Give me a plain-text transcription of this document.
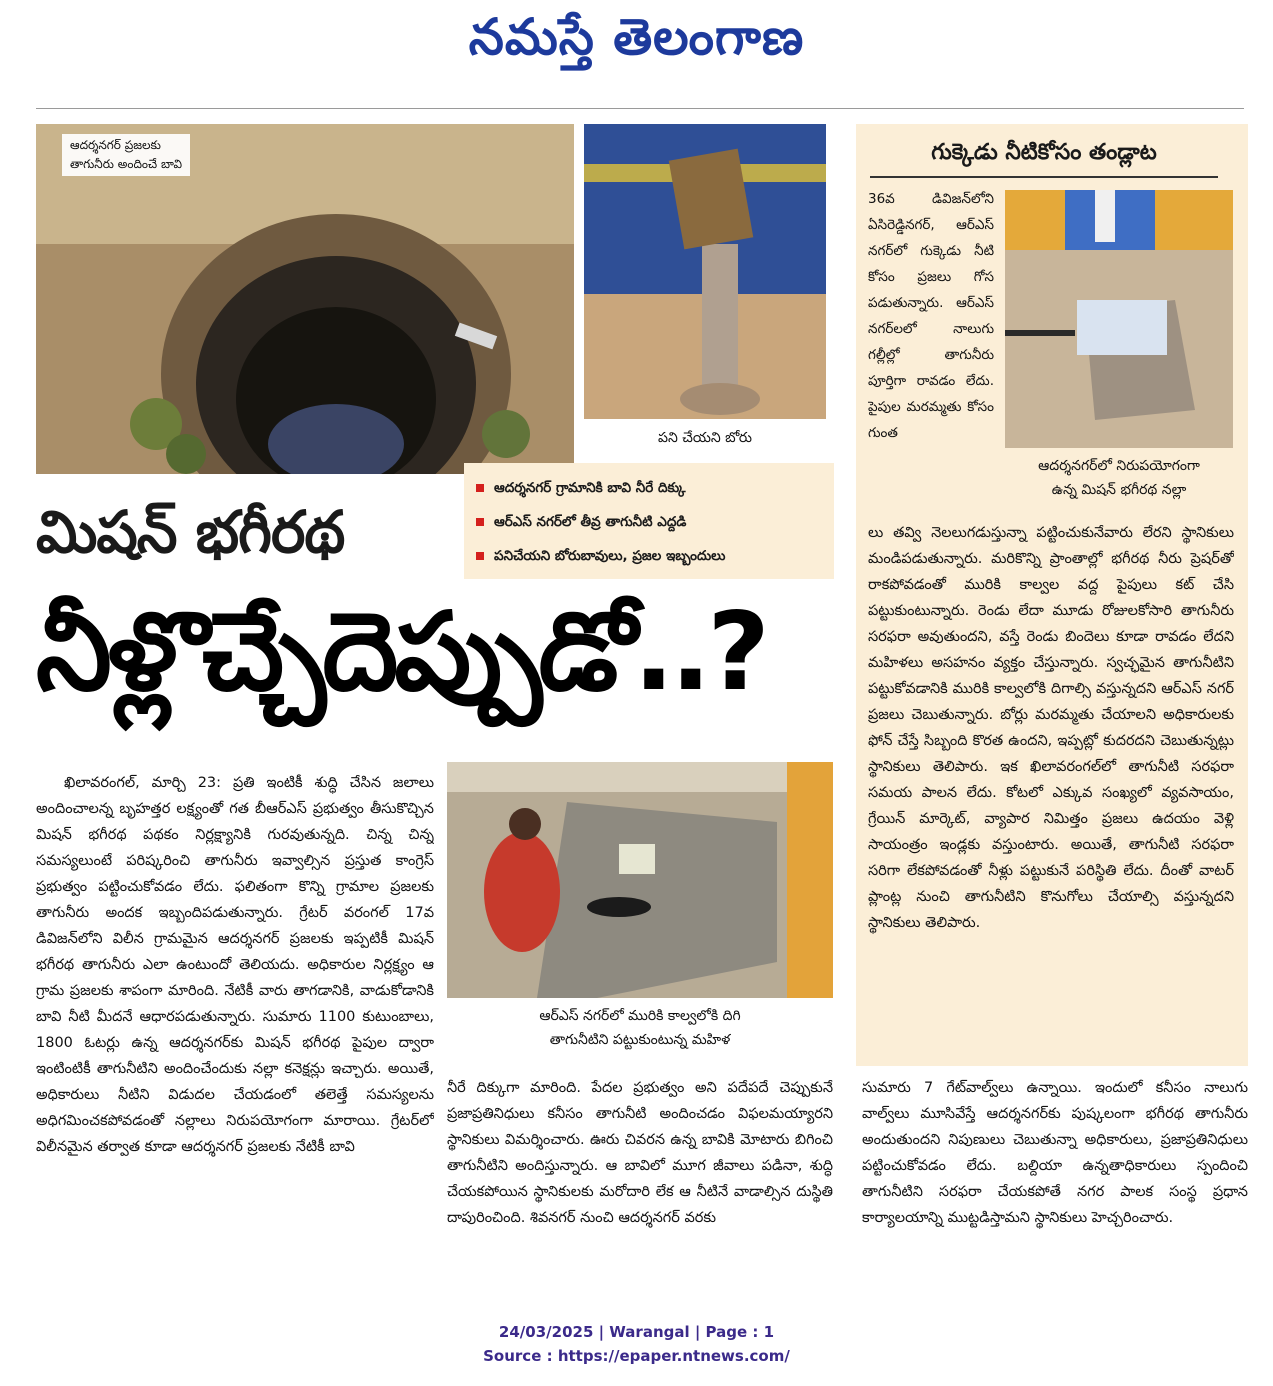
నమస్తే తెలంగాణ
ఆదర్శనగర్ ప్రజలకు
తాగునీరు అందించే బావి
పని చేయని బోరు
ఆదర్శనగర్ గ్రామానికి బావి నీరే దిక్కు
ఆర్ఎస్ నగర్‌లో తీవ్ర తాగునీటి ఎద్దడి
పనిచేయని బోరుబావులు, ప్రజల ఇబ్బందులు
మిషన్ భగీరథ
నీళ్లొచ్చేదెప్పుడో..?
ఆర్ఎస్ నగర్‌లో మురికి కాల్వలోకి దిగి
తాగునీటిని పట్టుకుంటున్న మహిళ
ఖిలావరంగల్, మార్చి 23: ప్రతి ఇంటికీ శుద్ధి చేసిన జలాలు అందించాలన్న బృహత్తర లక్ష్యంతో గత బీఆర్ఎస్ ప్రభుత్వం తీసుకొచ్చిన మిషన్ భగీరథ పథకం నిర్లక్ష్యానికి గురవుతున్నది. చిన్న చిన్న సమస్యలుంటే పరిష్కరించి తాగునీరు ఇవ్వాల్సిన ప్రస్తుత కాంగ్రెస్ ప్రభుత్వం పట్టించుకోవడం లేదు. ఫలితంగా కొన్ని గ్రామాల ప్రజలకు తాగునీరు అందక ఇబ్బందిపడుతున్నారు. గ్రేటర్ వరంగల్ 17వ డివిజన్‌లోని విలీన గ్రామమైన ఆదర్శనగర్ ప్రజలకు ఇప్పటికీ మిషన్ భగీరథ తాగునీరు ఎలా ఉంటుందో తెలియదు. అధికారుల నిర్లక్ష్యం ఆ గ్రామ ప్రజలకు శాపంగా మారింది. నేటికీ వారు తాగడానికి, వాడుకోడానికి బావి నీటి మీదనే ఆధారపడుతున్నారు. సుమారు 1100 కుటుంబాలు, 1800 ఓటర్లు ఉన్న ఆదర్శనగర్‌కు మిషన్ భగీరథ పైపుల ద్వారా ఇంటింటికీ తాగునీటిని అందించేందుకు నల్లా కనెక్షన్లు ఇచ్చారు. అయితే, అధికారులు నీటిని విడుదల చేయడంలో తలెత్తే సమస్యలను అధిగమించకపోవడంతో నల్లాలు నిరుపయోగంగా మారాయి. గ్రేటర్‌లో విలీనమైన తర్వాత కూడా ఆదర్శనగర్ ప్రజలకు నేటికీ బావి
నీరే దిక్కుగా మారింది. పేదల ప్రభుత్వం అని పదేపదే చెప్పుకునే ప్రజాప్రతినిధులు కనీసం తాగునీటి అందించడం విఫలమయ్యారని స్థానికులు విమర్శించారు. ఊరు చివరన ఉన్న బావికి మోటారు బిగించి తాగునీటిని అందిస్తున్నారు. ఆ బావిలో మూగ జీవాలు పడినా, శుద్ధి చేయకపోయిన స్థానికులకు మరోదారి లేక ఆ నీటినే వాడాల్సిన దుస్థితి దాపురించింది. శివనగర్ నుంచి ఆదర్శనగర్ వరకు
సుమారు 7 గేట్‌వాల్వ్‌లు ఉన్నాయి. ఇందులో కనీసం నాలుగు వాల్వ్‌లు మూసివేస్తే ఆదర్శనగర్‌కు పుష్కలంగా భగీరథ తాగునీరు అందుతుందని నిపుణులు చెబుతున్నా అధికారులు, ప్రజాప్రతినిధులు పట్టించుకోవడం లేదు. బల్దియా ఉన్నతాధికారులు స్పందించి తాగునీటిని సరఫరా చేయకపోతే నగర పాలక సంస్థ ప్రధాన కార్యాలయాన్ని ముట్టడిస్తామని స్థానికులు హెచ్చరించారు.
గుక్కెడు నీటికోసం తండ్లాట
ఆదర్శనగర్‌లో నిరుపయోగంగా
ఉన్న మిషన్ భగీరథ నల్లా
36వ డివిజన్‌లోని ఏసిరెడ్డినగర్, ఆర్ఎస్ నగర్‌లో గుక్కెడు నీటి కోసం ప్రజలు గోస పడుతున్నారు. ఆర్ఎస్ నగర్‌లలో నాలుగు గల్లీల్లో తాగునీరు పూర్తిగా రావడం లేదు. పైపుల మరమ్మతు కోసం గుంత
లు తవ్వి నెలలుగడుస్తున్నా పట్టించుకునేవారు లేరని స్థానికులు మండిపడుతున్నారు. మరికొన్ని ప్రాంతాల్లో భగీరథ నీరు ప్రెషర్‌తో రాకపోవడంతో మురికి కాల్వల వద్ద పైపులు కట్ చేసి పట్టుకుంటున్నారు. రెండు లేదా మూడు రోజులకోసారి తాగునీరు సరఫరా అవుతుందని, వస్తే రెండు బిందెలు కూడా రావడం లేదని మహిళలు అసహనం వ్యక్తం చేస్తున్నారు. స్వచ్ఛమైన తాగునీటిని పట్టుకోవడానికి మురికి కాల్వలోకి దిగాల్సి వస్తున్నదని ఆర్ఎస్ నగర్ ప్రజలు చెబుతున్నారు. బోర్లు మరమ్మతు చేయాలని అధికారులకు ఫోన్ చేస్తే సిబ్బంది కొరత ఉందని, ఇప్పట్లో కుదరదని చెబుతున్నట్లు స్థానికులు తెలిపారు. ఇక ఖిలావరంగల్‌లో తాగునీటి సరఫరా సమయ పాలన లేదు. కోటలో ఎక్కువ సంఖ్యలో వ్యవసాయం, గ్రేయిన్ మార్కెట్, వ్యాపార నిమిత్తం ప్రజలు ఉదయం వెళ్లి సాయంత్రం ఇండ్లకు వస్తుంటారు. అయితే, తాగునీటి సరఫరా సరిగా లేకపోవడంతో నీళ్లు పట్టుకునే పరిస్థితి లేదు. దీంతో వాటర్ ప్లాంట్ల నుంచి తాగునీటిని కొనుగోలు చేయాల్సి వస్తున్నదని స్థానికులు తెలిపారు.
24/03/2025 | Warangal | Page : 1
Source : https://epaper.ntnews.com/
